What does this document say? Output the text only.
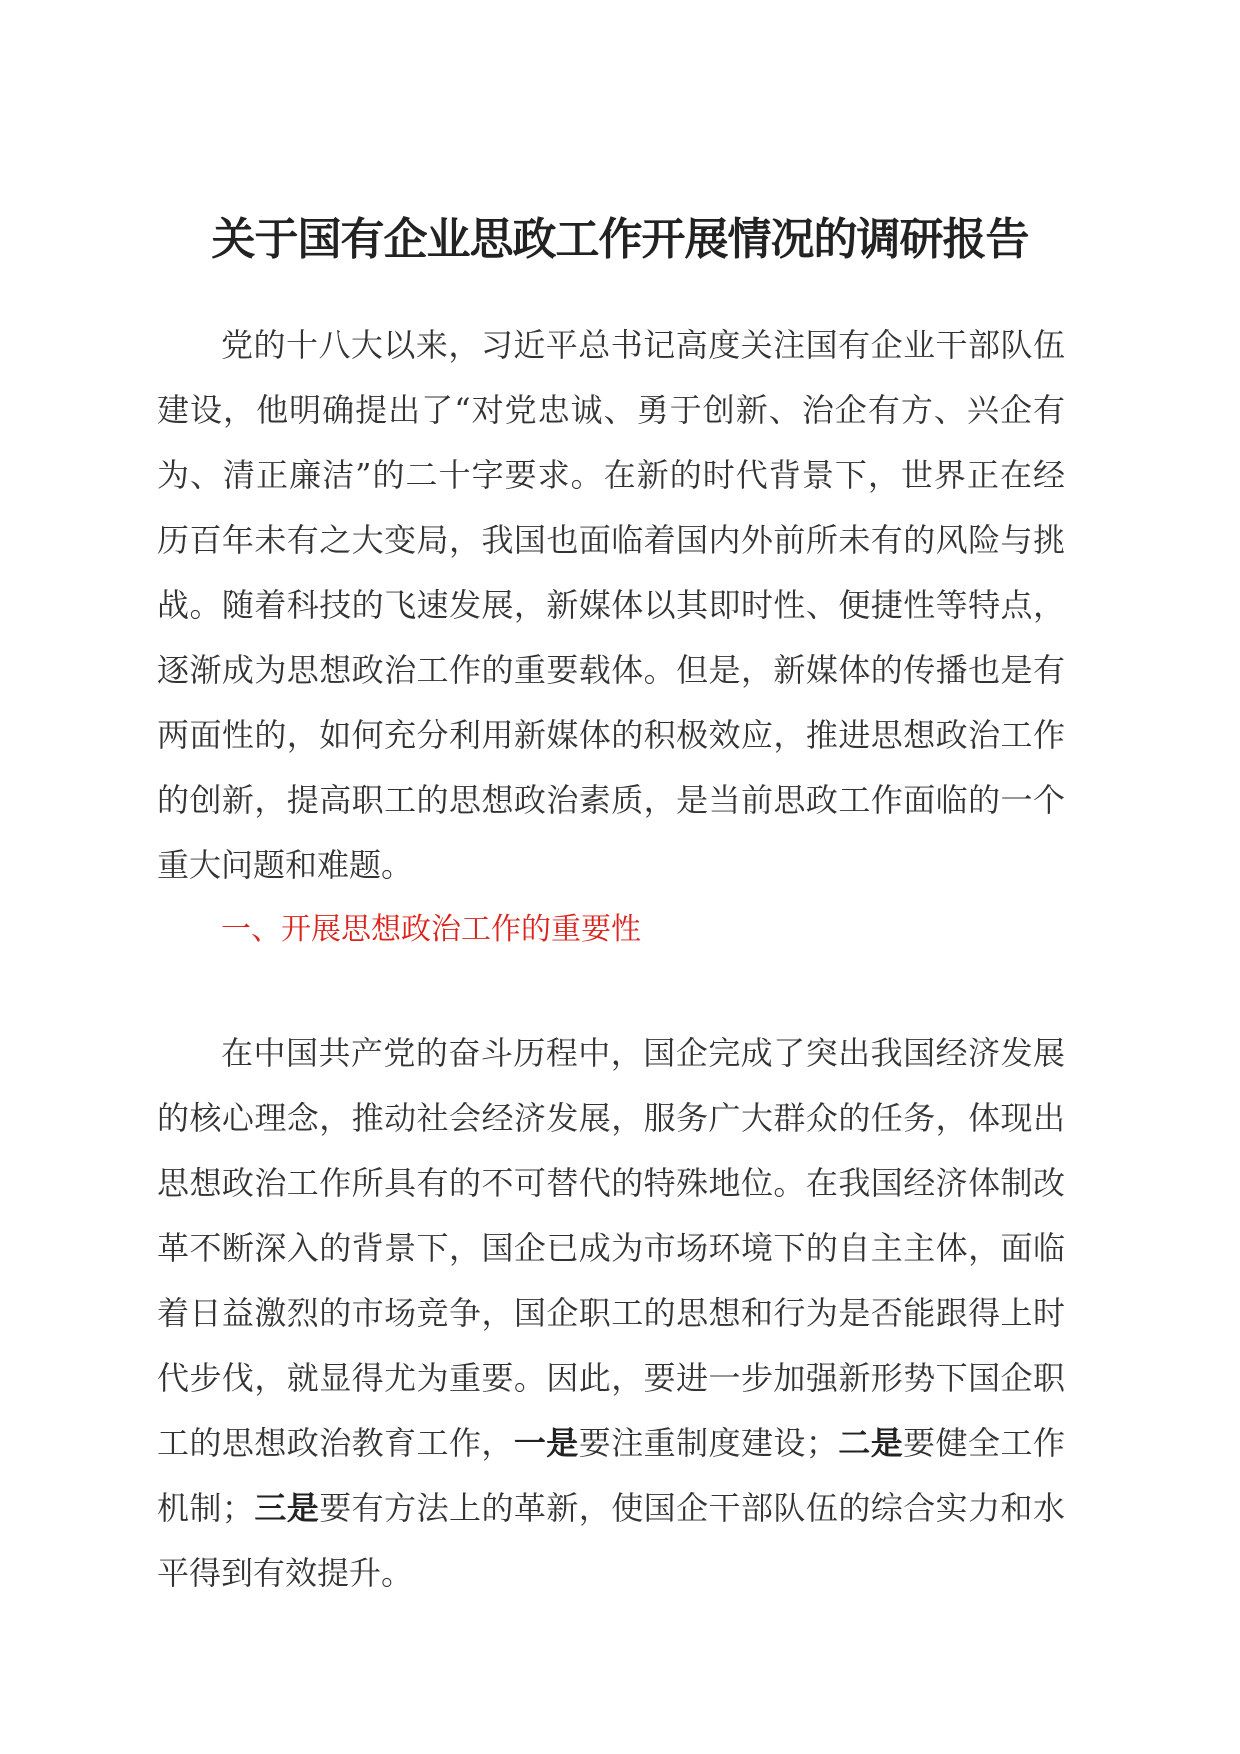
关于国有企业思政工作开展情况的调研报告

党的十八大以来，习近平总书记高度关注国有企业干部队伍建设，他明确提出了“对党忠诚、勇于创新、治企有方、兴企有为、清正廉洁”的二十字要求。在新的时代背景下，世界正在经历百年未有之大变局，我国也面临着国内外前所未有的风险与挑战。随着科技的飞速发展，新媒体以其即时性、便捷性等特点，逐渐成为思想政治工作的重要载体。但是，新媒体的传播也是有两面性的，如何充分利用新媒体的积极效应，推进思想政治工作的创新，提高职工的思想政治素质，是当前思政工作面临的一个重大问题和难题。

一、开展思想政治工作的重要性

在中国共产党的奋斗历程中，国企完成了突出我国经济发展的核心理念，推动社会经济发展，服务广大群众的任务，体现出思想政治工作所具有的不可替代的特殊地位。在我国经济体制改革不断深入的背景下，国企已成为市场环境下的自主主体，面临着日益激烈的市场竞争，国企职工的思想和行为是否能跟得上时代步伐，就显得尤为重要。因此，要进一步加强新形势下国企职工的思想政治教育工作，一是要注重制度建设；二是要健全工作机制；三是要有方法上的革新，使国企干部队伍的综合实力和水平得到有效提升。
